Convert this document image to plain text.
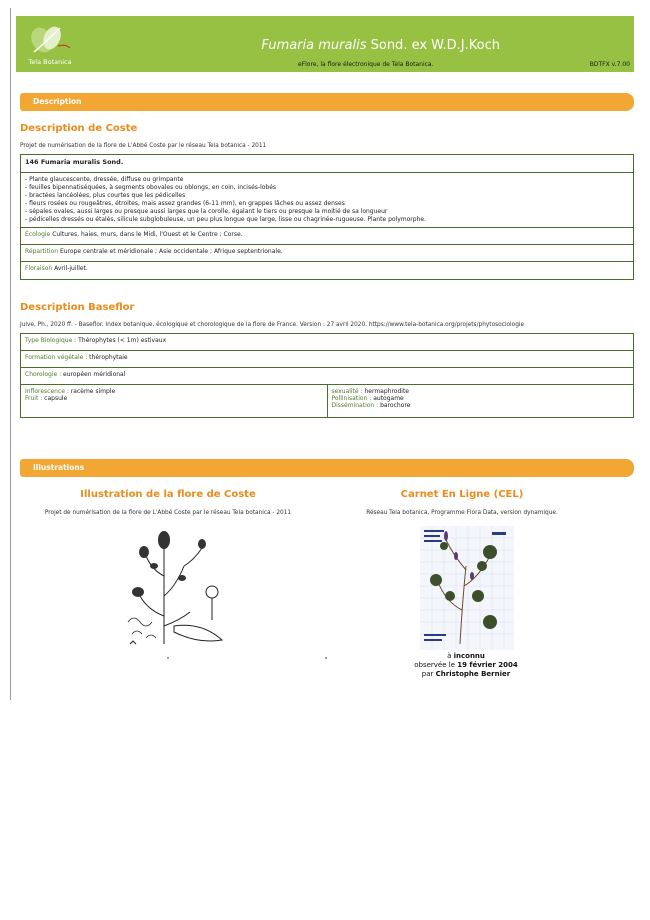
Tela Botanica
Fumaria muralis Sond. ex W.D.J.Koch
eFlore, la flore électronique de Tela Botanica.	BDTFX v.7.00
Description
Description de Coste
Projet de numérisation de la flore de L'Abbé Coste par le réseau Tela botanica - 2011
146 Fumaria muralis Sond.
- Plante glaucescente, dressée, diffuse ou grimpante
- feuilles bipennatiséquées, à segments obovales ou oblongs, en coin, incisés-lobés
- bractées lancéolées, plus courtes que les pédicelles
- fleurs rosées ou rougeâtres, étroites, mais assez grandes (6-11 mm), en grappes lâches ou assez denses
- sépales ovales, aussi larges ou presque aussi larges que la corolle, égalant le tiers ou presque la moitié de sa longueur
- pédicelles dressés ou étalés, silicule subglobuleuse, un peu plus longue que large, lisse ou chagrinée-rugueuse. Plante polymorphe.
Écologie Cultures, haies, murs, dans le Midi, l'Ouest et le Centre ; Corse.
Répartition Europe centrale et méridionale ; Asie occidentale ; Afrique septentrionale.
Floraison Avril-juillet.
Description Baseflor
Julve, Ph., 2020 ff. - Baseflor. Index botanique, écologique et chorologique de la flore de France. Version : 27 avril 2020. https://www.tela-botanica.org/projets/phytosociologie
Type Biologique : Thérophytes (< 1m) estivaux
Formation végétale : thérophytaie
Chorologie : européen méridional
Inflorescence : racème simple
Fruit : capsule
sexualité : hermaphrodite
Pollinisation : autogame
Dissémination : barochore
Illustrations
Illustration de la flore de Coste
Projet de numérisation de la flore de L'Abbé Coste par le réseau Tela botanica - 2011
Carnet En Ligne (CEL)
Réseau Tela botanica, Programme Flora Data, version dynamique.
à inconnu
observée le 19 février 2004
par Christophe Bernier
